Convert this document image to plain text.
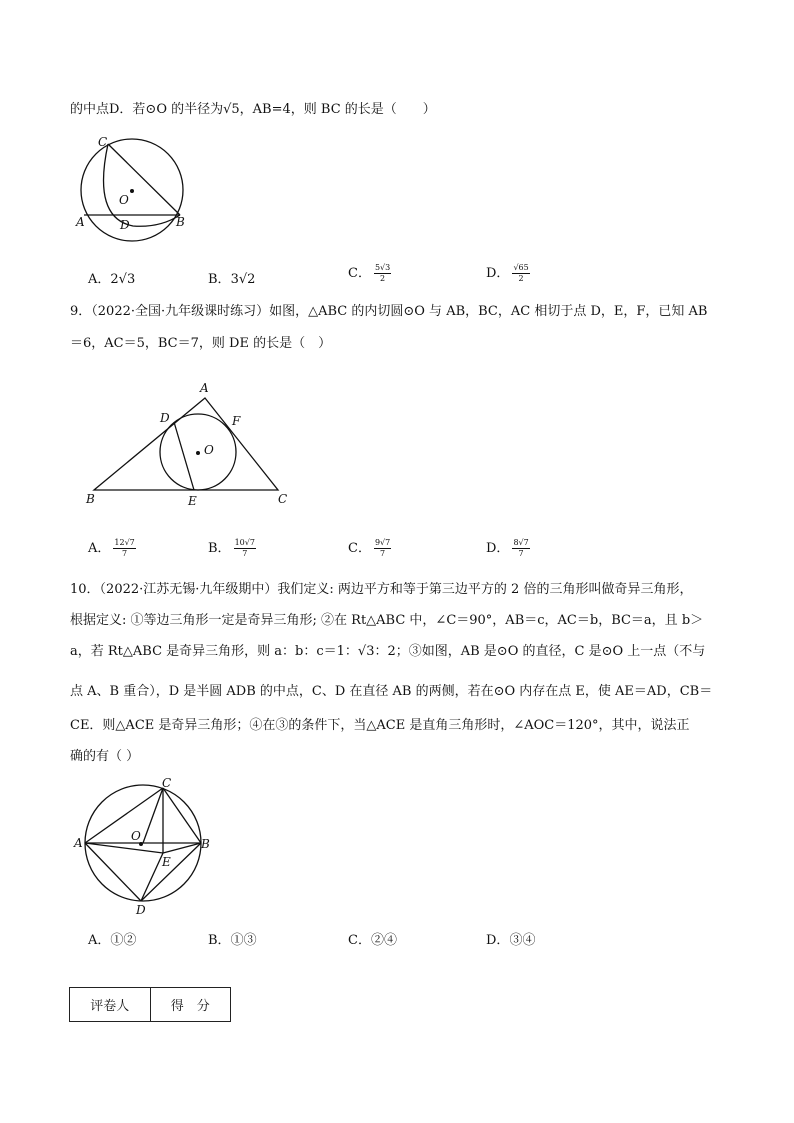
的中点D．若⊙O 的半径为√5，AB=4，则 BC 的长是（　　）
C
O
A	D	B
A．2√3	B．3√2	C． $\frac{5√3}{2}$	D． $\frac{√65}{2}$
9．（2022·全国·九年级课时练习）如图，△ABC 的内切圆⊙O 与 AB，BC，AC 相切于点 D，E，F，已知 AB
＝6，AC＝5，BC＝7，则 DE 的长是（　）
A
D	F
O
B	E	C
A． $\frac{12√7}{7}$	B． $\frac{10√7}{7}$	C． $\frac{9√7}{7}$	D． $\frac{8√7}{7}$
10．（2022·江苏无锡·九年级期中）我们定义: 两边平方和等于第三边平方的 2 倍的三角形叫做奇异三角形，
根据定义: ①等边三角形一定是奇异三角形; ②在 Rt△ABC 中，∠C＝90°，AB＝c，AC＝b，BC＝a，且 b＞
a，若 Rt△ABC 是奇异三角形，则 a：b：c＝1：√3：2；③如图，AB 是⊙O 的直径，C 是⊙O 上一点（不与
点 A、B 重合），D 是半圆 ADB 的中点，C、D 在直径 AB 的两侧，若在⊙O 内存在点 E，使 AE＝AD，CB＝
CE．则△ACE 是奇异三角形；④在③的条件下，当△ACE 是直角三角形时，∠AOC＝120°，其中，说法正
确的有（ ）
C
A	O
B
E
D
A．①②	B．①③	C．②④	D．③④
评卷人	得　分
